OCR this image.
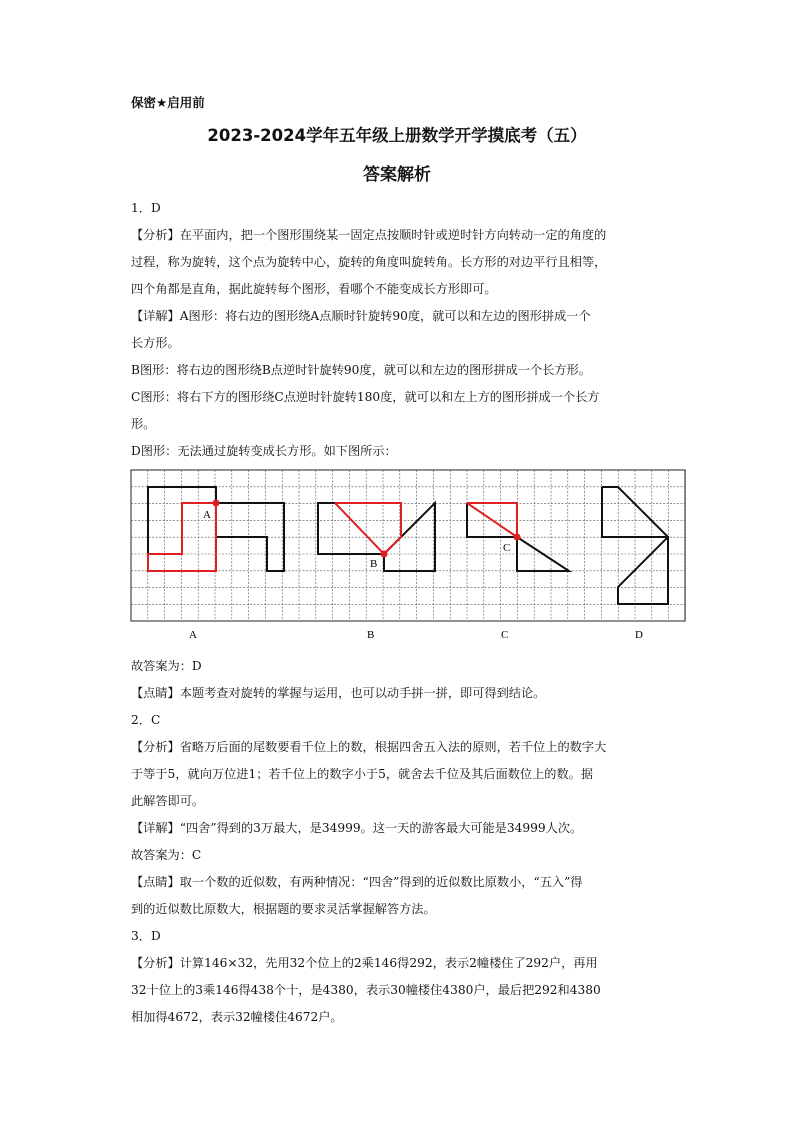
保密★启用前
2023-2024学年五年级上册数学开学摸底考（五）
答案解析
1．D
【分析】在平面内，把一个图形围绕某一固定点按顺时针或逆时针方向转动一定的角度的
过程，称为旋转，这个点为旋转中心，旋转的角度叫旋转角。长方形的对边平行且相等，
四个角都是直角，据此旋转每个图形，看哪个不能变成长方形即可。
【详解】A图形：将右边的图形绕A点顺时针旋转90度，就可以和左边的图形拼成一个
长方形。
B图形：将右边的图形绕B点逆时针旋转90度，就可以和左边的图形拼成一个长方形。
C图形：将右下方的图形绕C点逆时针旋转180度，就可以和左上方的图形拼成一个长方
形。
D图形：无法通过旋转变成长方形。如下图所示：
A
B
C
A	B	C	D
故答案为：D
【点睛】本题考查对旋转的掌握与运用，也可以动手拼一拼，即可得到结论。
2．C
【分析】省略万后面的尾数要看千位上的数，根据四舍五入法的原则，若千位上的数字大
于等于5，就向万位进1；若千位上的数字小于5，就舍去千位及其后面数位上的数。据
此解答即可。
【详解】“四舍”得到的3万最大，是34999。这一天的游客最大可能是34999人次。
故答案为：C
【点睛】取一个数的近似数，有两种情况：“四舍”得到的近似数比原数小，“五入”得
到的近似数比原数大，根据题的要求灵活掌握解答方法。
3．D
【分析】计算146×32，先用32个位上的2乘146得292，表示2幢楼住了292户，再用
32十位上的3乘146得438个十，是4380，表示30幢楼住4380户，最后把292和4380
相加得4672，表示32幢楼住4672户。
